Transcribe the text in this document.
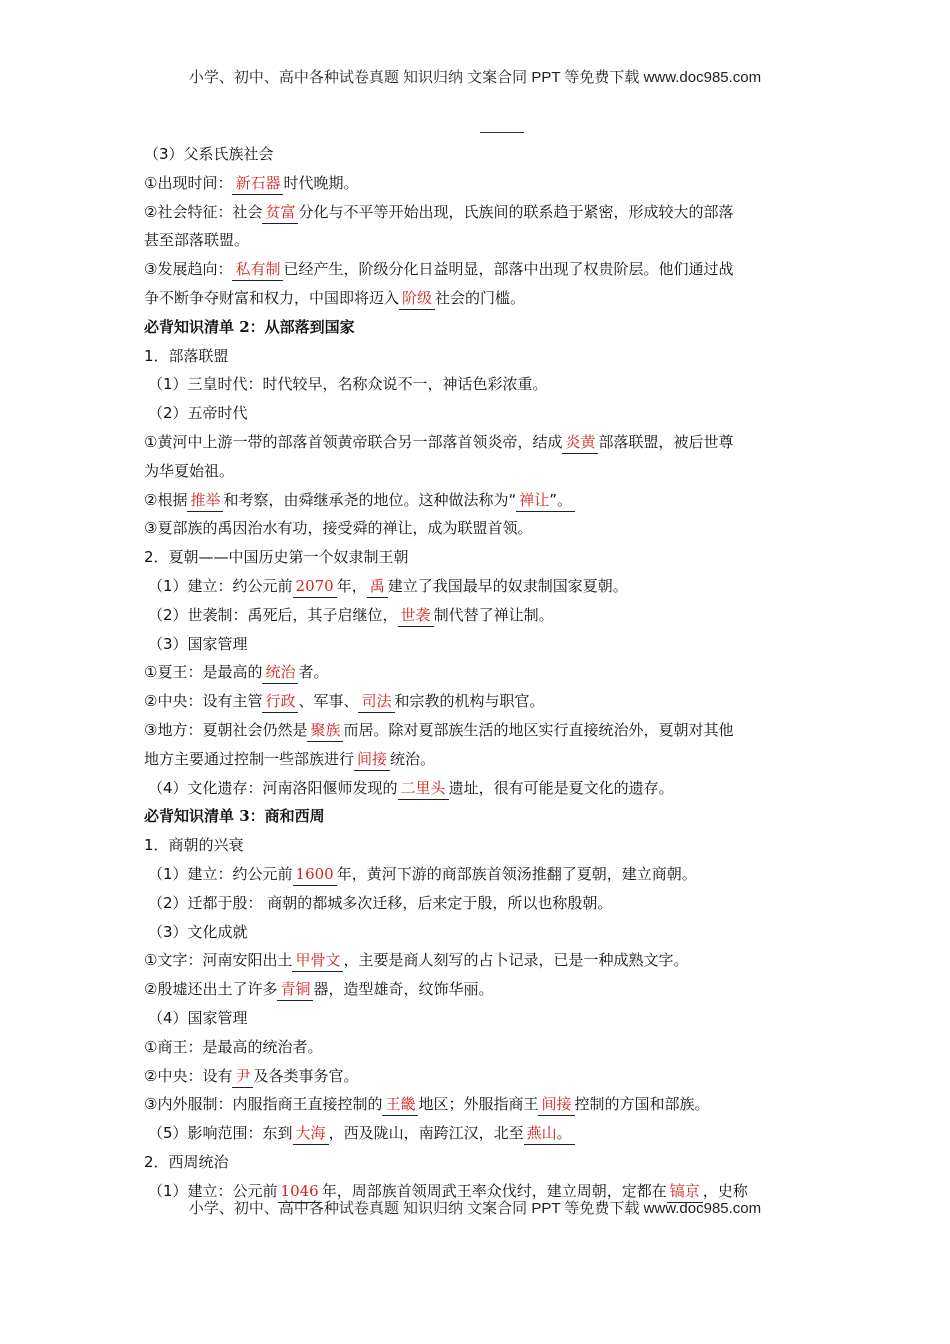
小学、初中、高中各种试卷真题 知识归纳 文案合同 PPT 等免费下载 www.doc985.com
（3）父系氏族社会
①出现时间： 新石器 时代晚期。
②社会特征：社会 贫富 分化与不平等开始出现，氏族间的联系趋于紧密，形成较大的部落
甚至部落联盟。
③发展趋向： 私有制 已经产生，阶级分化日益明显，部落中出现了权贵阶层。他们通过战
争不断争夺财富和权力，中国即将迈入 阶级 社会的门槛。
必背知识清单 2：从部落到国家
1．部落联盟
（1）三皇时代：时代较早，名称众说不一，神话色彩浓重。
（2）五帝时代
①黄河中上游一带的部落首领黄帝联合另一部落首领炎帝，结成 炎黄 部落联盟，被后世尊
为华夏始祖。
②根据 推举 和考察，由舜继承尧的地位。这种做法称为“ 禅让”。
③夏部族的禹因治水有功，接受舜的禅让，成为联盟首领。
2．夏朝——中国历史第一个奴隶制王朝
（1）建立：约公元前 2070 年， 禹 建立了我国最早的奴隶制国家夏朝。
（2）世袭制：禹死后，其子启继位， 世袭 制代替了禅让制。
（3）国家管理
①夏王：是最高的 统治 者。
②中央：设有主管 行政 、军事、 司法 和宗教的机构与职官。
③地方：夏朝社会仍然是 聚族 而居。除对夏部族生活的地区实行直接统治外，夏朝对其他
地方主要通过控制一些部族进行 间接 统治。
（4）文化遗存：河南洛阳偃师发现的 二里头 遗址，很有可能是夏文化的遗存。
必背知识清单 3：商和西周
1．商朝的兴衰
（1）建立：约公元前 1600 年，黄河下游的商部族首领汤推翻了夏朝，建立商朝。
（2）迁都于殷： 商朝的都城多次迁移，后来定于殷，所以也称殷朝。
（3）文化成就
①文字：河南安阳出土 甲骨文 ，主要是商人刻写的占卜记录，已是一种成熟文字。
②殷墟还出土了许多 青铜 器，造型雄奇，纹饰华丽。
（4）国家管理
①商王：是最高的统治者。
②中央：设有 尹 及各类事务官。
③内外服制：内服指商王直接控制的 王畿 地区；外服指商王 间接 控制的方国和部族。
（5）影响范围：东到 大海 ，西及陇山，南跨江汉，北至 燕山。
2．西周统治
（1）建立：公元前 1046 年，周部族首领周武王率众伐纣，建立周朝，定都在 镐京 ，史称
小学、初中、高中各种试卷真题 知识归纳 文案合同 PPT 等免费下载 www.doc985.com
